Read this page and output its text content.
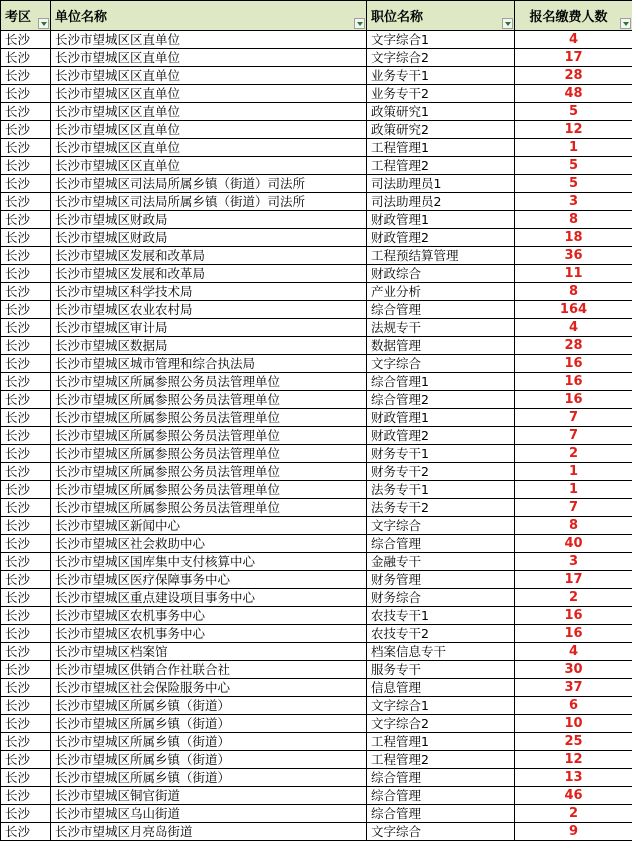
考区	单位名称	职位名称	报名缴费人数

长沙	长沙市望城区区直单位	文字综合1	4
长沙	长沙市望城区区直单位	文字综合2	17
长沙	长沙市望城区区直单位	业务专干1	28
长沙	长沙市望城区区直单位	业务专干2	48
长沙	长沙市望城区区直单位	政策研究1	5
长沙	长沙市望城区区直单位	政策研究2	12
长沙	长沙市望城区区直单位	工程管理1	1
长沙	长沙市望城区区直单位	工程管理2	5
长沙	长沙市望城区司法局所属乡镇（街道）司法所	司法助理员1	5
长沙	长沙市望城区司法局所属乡镇（街道）司法所	司法助理员2	3
长沙	长沙市望城区财政局	财政管理1	8
长沙	长沙市望城区财政局	财政管理2	18
长沙	长沙市望城区发展和改革局	工程预结算管理	36
长沙	长沙市望城区发展和改革局	财政综合	11
长沙	长沙市望城区科学技术局	产业分析	8
长沙	长沙市望城区农业农村局	综合管理	164
长沙	长沙市望城区审计局	法规专干	4
长沙	长沙市望城区数据局	数据管理	28
长沙	长沙市望城区城市管理和综合执法局	文字综合	16
长沙	长沙市望城区所属参照公务员法管理单位	综合管理1	16
长沙	长沙市望城区所属参照公务员法管理单位	综合管理2	16
长沙	长沙市望城区所属参照公务员法管理单位	财政管理1	7
长沙	长沙市望城区所属参照公务员法管理单位	财政管理2	7
长沙	长沙市望城区所属参照公务员法管理单位	财务专干1	2
长沙	长沙市望城区所属参照公务员法管理单位	财务专干2	1
长沙	长沙市望城区所属参照公务员法管理单位	法务专干1	1
长沙	长沙市望城区所属参照公务员法管理单位	法务专干2	7
长沙	长沙市望城区新闻中心	文字综合	8
长沙	长沙市望城区社会救助中心	综合管理	40
长沙	长沙市望城区国库集中支付核算中心	金融专干	3
长沙	长沙市望城区医疗保障事务中心	财务管理	17
长沙	长沙市望城区重点建设项目事务中心	财务综合	2
长沙	长沙市望城区农机事务中心	农技专干1	16
长沙	长沙市望城区农机事务中心	农技专干2	16
长沙	长沙市望城区档案馆	档案信息专干	4
长沙	长沙市望城区供销合作社联合社	服务专干	30
长沙	长沙市望城区社会保险服务中心	信息管理	37
长沙	长沙市望城区所属乡镇（街道）	文字综合1	6
长沙	长沙市望城区所属乡镇（街道）	文字综合2	10
长沙	长沙市望城区所属乡镇（街道）	工程管理1	25
长沙	长沙市望城区所属乡镇（街道）	工程管理2	12
长沙	长沙市望城区所属乡镇（街道）	综合管理	13
长沙	长沙市望城区铜官街道	综合管理	46
长沙	长沙市望城区乌山街道	综合管理	2
长沙	长沙市望城区月亮岛街道	文字综合	9
